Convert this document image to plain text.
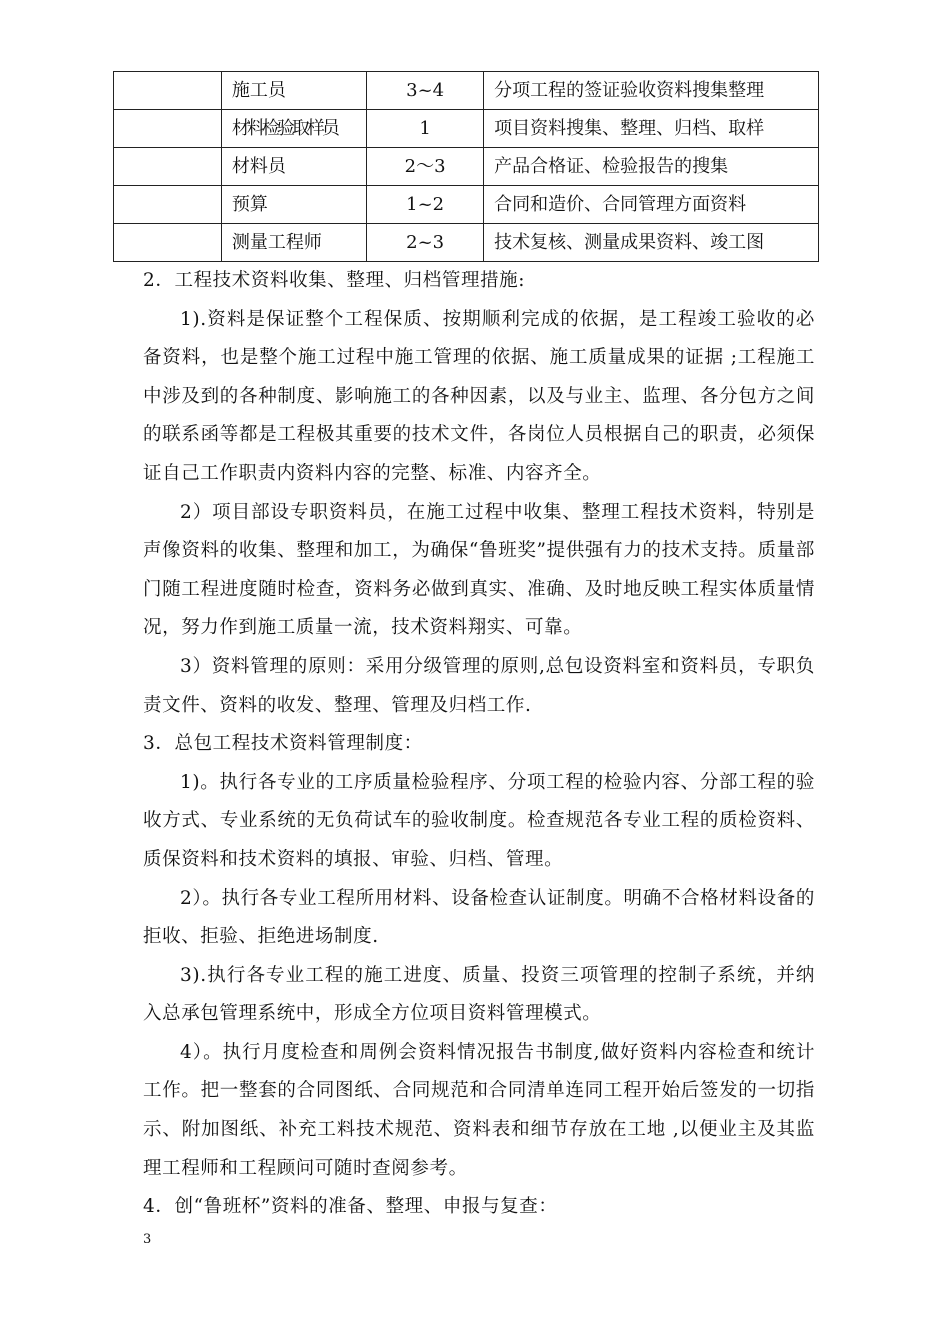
	施工员	3~4	分项工程的签证验收资料搜集整理
	材料检验取样员	1	项目资料搜集、整理、归档、取样
	材料员	2～3	产品合格证、检验报告的搜集
	预算	1~2	合同和造价、合同管理方面资料
	测量工程师	2~3	技术复核、测量成果资料、竣工图

2．工程技术资料收集、整理、归档管理措施:

1).资料是保证整个工程保质、按期顺利完成的依据，是工程竣工验收的必备资料，也是整个施工过程中施工管理的依据、施工质量成果的证据 ;工程施工中涉及到的各种制度、影响施工的各种因素，以及与业主、监理、各分包方之间的联系函等都是工程极其重要的技术文件，各岗位人员根据自己的职责，必须保证自己工作职责内资料内容的完整、标准、内容齐全。

2）项目部设专职资料员，在施工过程中收集、整理工程技术资料，特别是声像资料的收集、整理和加工，为确保“鲁班奖”提供强有力的技术支持。质量部门随工程进度随时检查，资料务必做到真实、准确、及时地反映工程实体质量情况，努力作到施工质量一流，技术资料翔实、可靠。

3）资料管理的原则：采用分级管理的原则,总包设资料室和资料员，专职负责文件、资料的收发、整理、管理及归档工作.

3．总包工程技术资料管理制度：

1)。执行各专业的工序质量检验程序、分项工程的检验内容、分部工程的验收方式、专业系统的无负荷试车的验收制度。检查规范各专业工程的质检资料、质保资料和技术资料的填报、审验、归档、管理。

2）。执行各专业工程所用材料、设备检查认证制度。明确不合格材料设备的拒收、拒验、拒绝进场制度.

3).执行各专业工程的施工进度、质量、投资三项管理的控制子系统，并纳入总承包管理系统中，形成全方位项目资料管理模式。

4）。执行月度检查和周例会资料情况报告书制度,做好资料内容检查和统计工作。把一整套的合同图纸、合同规范和合同清单连同工程开始后签发的一切指示、附加图纸、补充工料技术规范、资料表和细节存放在工地 ,以便业主及其监理工程师和工程顾问可随时查阅参考。

4．创“鲁班杯”资料的准备、整理、申报与复查：

3
